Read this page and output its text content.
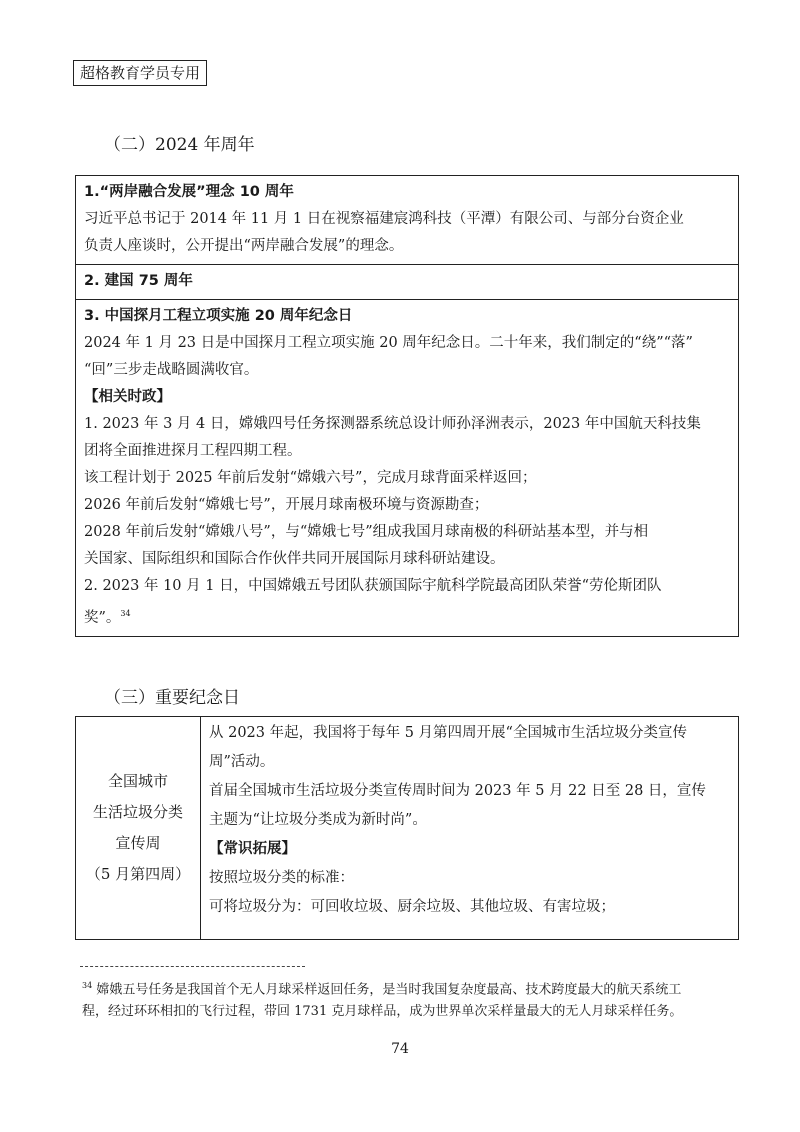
超格教育学员专用
（二）2024 年周年
1.“两岸融合发展”理念 10 周年
习近平总书记于 2014 年 11 月 1 日在视察福建宸鸿科技（平潭）有限公司、与部分台资企业
负责人座谈时，公开提出“两岸融合发展”的理念。
2. 建国 75 周年
3. 中国探月工程立项实施 20 周年纪念日
2024 年 1 月 23 日是中国探月工程立项实施 20 周年纪念日。二十年来，我们制定的“绕”“落”
“回”三步走战略圆满收官。
【相关时政】
1. 2023 年 3 月 4 日，嫦娥四号任务探测器系统总设计师孙泽洲表示，2023 年中国航天科技集
团将全面推进探月工程四期工程。
该工程计划于 2025 年前后发射“嫦娥六号”，完成月球背面采样返回；
2026 年前后发射“嫦娥七号”，开展月球南极环境与资源勘查；
2028 年前后发射“嫦娥八号”，与“嫦娥七号”组成我国月球南极的科研站基本型，并与相
关国家、国际组织和国际合作伙伴共同开展国际月球科研站建设。
2. 2023 年 10 月 1 日，中国嫦娥五号团队获颁国际宇航科学院最高团队荣誉“劳伦斯团队
奖”。$^{34}$
（三）重要纪念日
全国城市
生活垃圾分类
宣传周
（5 月第四周）
从 2023 年起，我国将于每年 5 月第四周开展“全国城市生活垃圾分类宣传
周”活动。
首届全国城市生活垃圾分类宣传周时间为 2023 年 5 月 22 日至 28 日，宣传
主题为“让垃圾分类成为新时尚”。
【常识拓展】
按照垃圾分类的标准：
可将垃圾分为：可回收垃圾、厨余垃圾、其他垃圾、有害垃圾；
$^{34}$ 嫦娥五号任务是我国首个无人月球采样返回任务，是当时我国复杂度最高、技术跨度最大的航天系统工
程，经过环环相扣的飞行过程，带回 1731 克月球样品，成为世界单次采样量最大的无人月球采样任务。
74
